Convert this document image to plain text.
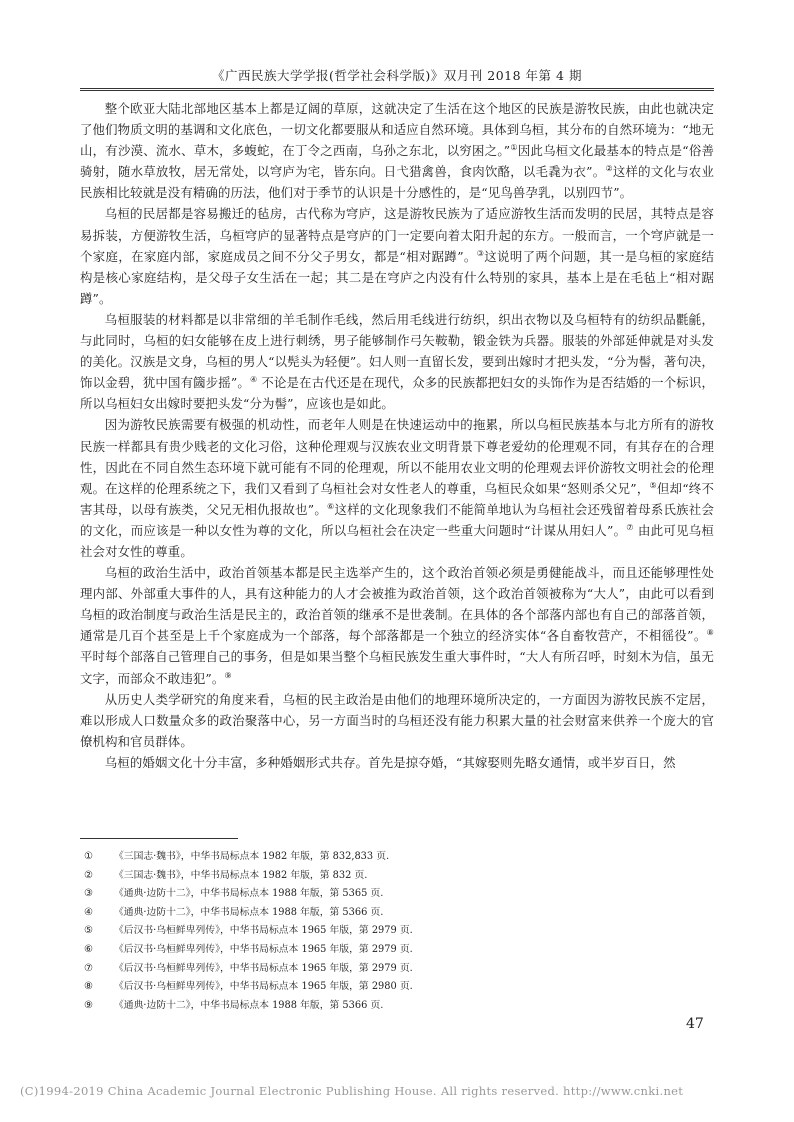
《广西民族大学学报(哲学社会科学版)》双月刊 2018 年第 4 期

整个欧亚大陆北部地区基本上都是辽阔的草原，这就决定了生活在这个地区的民族是游牧民族，由此也就决定了他们物质文明的基调和文化底色，一切文化都要服从和适应自然环境。具体到乌桓，其分布的自然环境为：“地无山，有沙漠、流水、草木，多蝮蛇，在丁令之西南，乌孙之东北，以穷困之。”①因此乌桓文化最基本的特点是“俗善骑射，随水草放牧，居无常处，以穹庐为宅，皆东向。日弋猎禽兽，食肉饮酪，以毛毳为衣”。②这样的文化与农业民族相比较就是没有精确的历法，他们对于季节的认识是十分感性的，是“见鸟兽孕乳，以别四节”。

乌桓的民居都是容易搬迁的毡房，古代称为穹庐，这是游牧民族为了适应游牧生活而发明的民居，其特点是容易拆装，方便游牧生活，乌桓穹庐的显著特点是穹庐的门一定要向着太阳升起的东方。一般而言，一个穹庐就是一个家庭，在家庭内部，家庭成员之间不分父子男女，都是“相对踞蹲”。③这说明了两个问题，其一是乌桓的家庭结构是核心家庭结构，是父母子女生活在一起；其二是在穹庐之内没有什么特别的家具，基本上是在毛毡上“相对踞蹲”。

乌桓服装的材料都是以非常细的羊毛制作毛线，然后用毛线进行纺织，织出衣物以及乌桓特有的纺织品氍毹，与此同时，乌桓的妇女能够在皮上进行刺绣，男子能够制作弓矢鞍勒，锻金铁为兵器。服装的外部延伸就是对头发的美化。汉族是文身，乌桓的男人“以髡头为轻便”。妇人则一直留长发，要到出嫁时才把头发，“分为髻，著句决，饰以金碧，犹中国有簂步摇”。④ 不论是在古代还是在现代，众多的民族都把妇女的头饰作为是否结婚的一个标识，所以乌桓妇女出嫁时要把头发“分为髻”，应该也是如此。

因为游牧民族需要有极强的机动性，而老年人则是在快速运动中的拖累，所以乌桓民族基本与北方所有的游牧民族一样都具有贵少贱老的文化习俗，这种伦理观与汉族农业文明背景下尊老爱幼的伦理观不同，有其存在的合理性，因此在不同自然生态环境下就可能有不同的伦理观，所以不能用农业文明的伦理观去评价游牧文明社会的伦理观。在这样的伦理系统之下，我们又看到了乌桓社会对女性老人的尊重，乌桓民众如果“怒则杀父兄”，⑤但却“终不害其母，以母有族类，父兄无相仇报故也”。⑥这样的文化现象我们不能简单地认为乌桓社会还残留着母系氏族社会的文化，而应该是一种以女性为尊的文化，所以乌桓社会在决定一些重大问题时“计谋从用妇人”。⑦ 由此可见乌桓社会对女性的尊重。

乌桓的政治生活中，政治首领基本都是民主选举产生的，这个政治首领必须是勇健能战斗，而且还能够理性处理内部、外部重大事件的人，具有这种能力的人才会被推为政治首领，这个政治首领被称为“大人”，由此可以看到乌桓的政治制度与政治生活是民主的，政治首领的继承不是世袭制。在具体的各个部落内部也有自己的部落首领，通常是几百个甚至是上千个家庭成为一个部落，每个部落都是一个独立的经济实体“各自畜牧营产，不相徭役”。⑧ 平时每个部落自己管理自己的事务，但是如果当整个乌桓民族发生重大事件时，“大人有所召呼，时刻木为信，虽无文字，而部众不敢违犯”。⑨

从历史人类学研究的角度来看，乌桓的民主政治是由他们的地理环境所决定的，一方面因为游牧民族不定居，难以形成人口数量众多的政治聚落中心，另一方面当时的乌桓还没有能力积累大量的社会财富来供养一个庞大的官僚机构和官员群体。

乌桓的婚姻文化十分丰富，多种婚姻形式共存。首先是掠夺婚，“其嫁娶则先略女通情，或半岁百日，然

① 《三国志·魏书》，中华书局标点本 1982 年版，第 832,833 页.

② 《三国志·魏书》，中华书局标点本 1982 年版，第 832 页.

③ 《通典·边防十二》，中华书局标点本 1988 年版，第 5365 页.

④ 《通典·边防十二》，中华书局标点本 1988 年版，第 5366 页.

⑤ 《后汉书·乌桓鲜卑列传》，中华书局标点本 1965 年版，第 2979 页.

⑥ 《后汉书·乌桓鲜卑列传》，中华书局标点本 1965 年版，第 2979 页.

⑦ 《后汉书·乌桓鲜卑列传》，中华书局标点本 1965 年版，第 2979 页.

⑧ 《后汉书·乌桓鲜卑列传》，中华书局标点本 1965 年版，第 2980 页.

⑨ 《通典·边防十二》，中华书局标点本 1988 年版，第 5366 页.

47
(C)1994-2019 China Academic Journal Electronic Publishing House. All rights reserved. http://www.cnki.net
